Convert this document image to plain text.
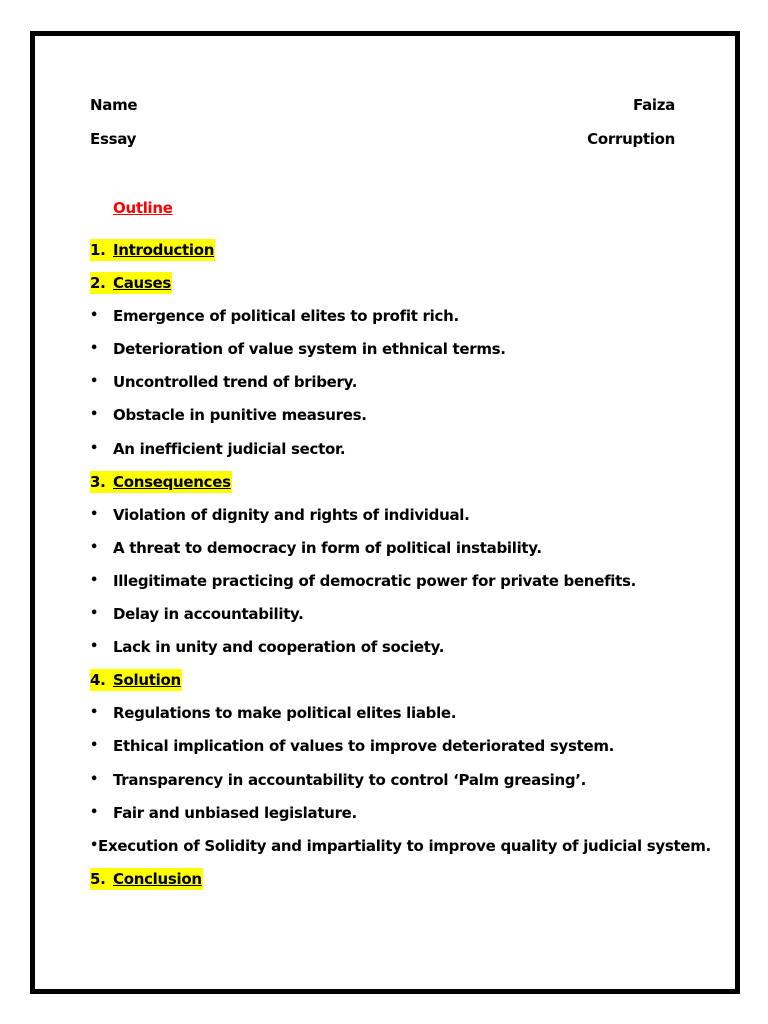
Name	Faiza
Essay	Corruption
Outline
1. Introduction
2. Causes
• Emergence of political elites to profit rich.
• Deterioration of value system in ethnical terms.
• Uncontrolled trend of bribery.
• Obstacle in punitive measures.
• An inefficient judicial sector.
3. Consequences
• Violation of dignity and rights of individual.
• A threat to democracy in form of political instability.
• Illegitimate practicing of democratic power for private benefits.
• Delay in accountability.
• Lack in unity and cooperation of society.
4. Solution
• Regulations to make political elites liable.
• Ethical implication of values to improve deteriorated system.
• Transparency in accountability to control ‘Palm greasing’.
• Fair and unbiased legislature.
• Execution of Solidity and impartiality to improve quality of judicial system.
5. Conclusion
